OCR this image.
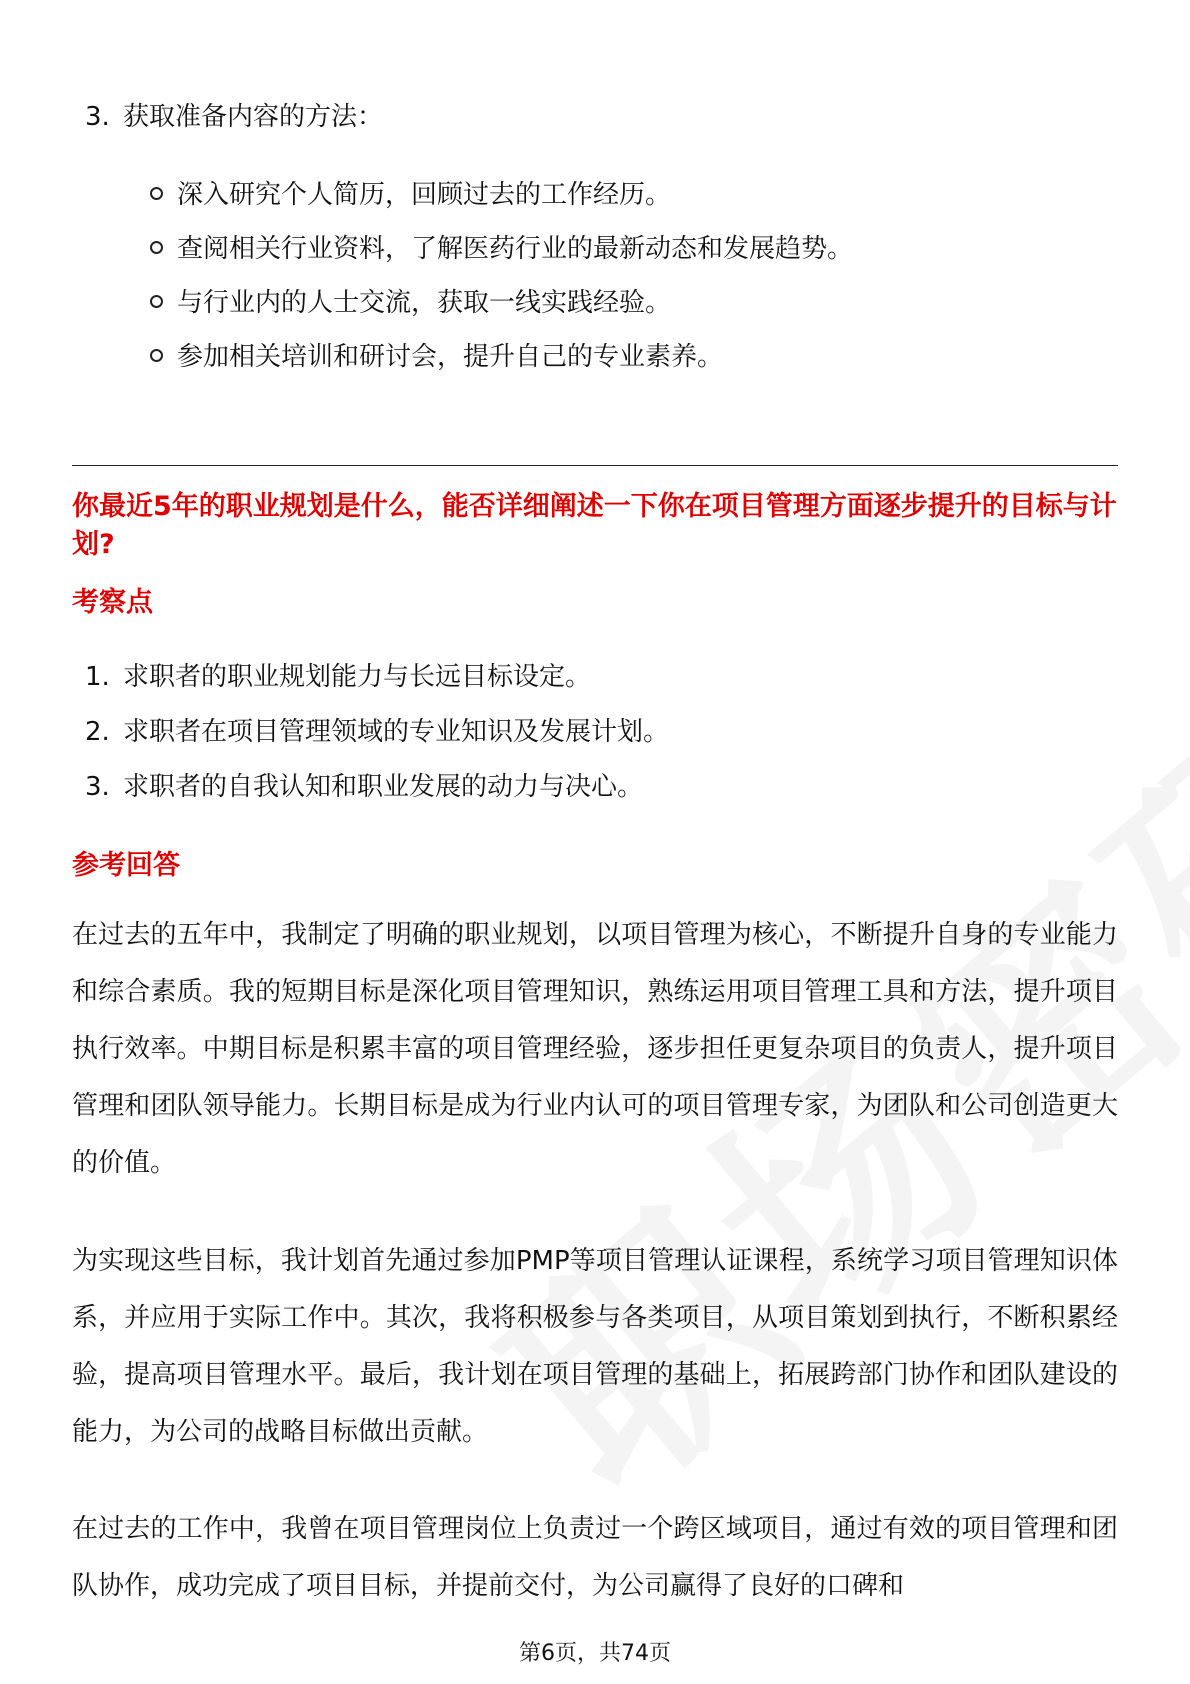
3. 获取准备内容的方法：
深入研究个人简历，回顾过去的工作经历。
查阅相关行业资料，了解医药行业的最新动态和发展趋势。
与行业内的人士交流，获取一线实践经验。
参加相关培训和研讨会，提升自己的专业素养。
你最近5年的职业规划是什么，能否详细阐述一下你在项目管理方面逐步提升的目标与计划?
考察点
1. 求职者的职业规划能力与长远目标设定。
2. 求职者在项目管理领域的专业知识及发展计划。
3. 求职者的自我认知和职业发展的动力与决心。
参考回答
在过去的五年中，我制定了明确的职业规划，以项目管理为核心，不断提升自身的专业能力和综合素质。我的短期目标是深化项目管理知识，熟练运用项目管理工具和方法，提升项目执行效率。中期目标是积累丰富的项目管理经验，逐步担任更复杂项目的负责人，提升项目管理和团队领导能力。长期目标是成为行业内认可的项目管理专家，为团队和公司创造更大的价值。
为实现这些目标，我计划首先通过参加PMP等项目管理认证课程，系统学习项目管理知识体系，并应用于实际工作中。其次，我将积极参与各类项目，从项目策划到执行，不断积累经验，提高项目管理水平。最后，我计划在项目管理的基础上，拓展跨部门协作和团队建设的能力，为公司的战略目标做出贡献。
在过去的工作中，我曾在项目管理岗位上负责过一个跨区域项目，通过有效的项目管理和团队协作，成功完成了项目目标，并提前交付，为公司赢得了良好的口碑和
第6页，共74页
